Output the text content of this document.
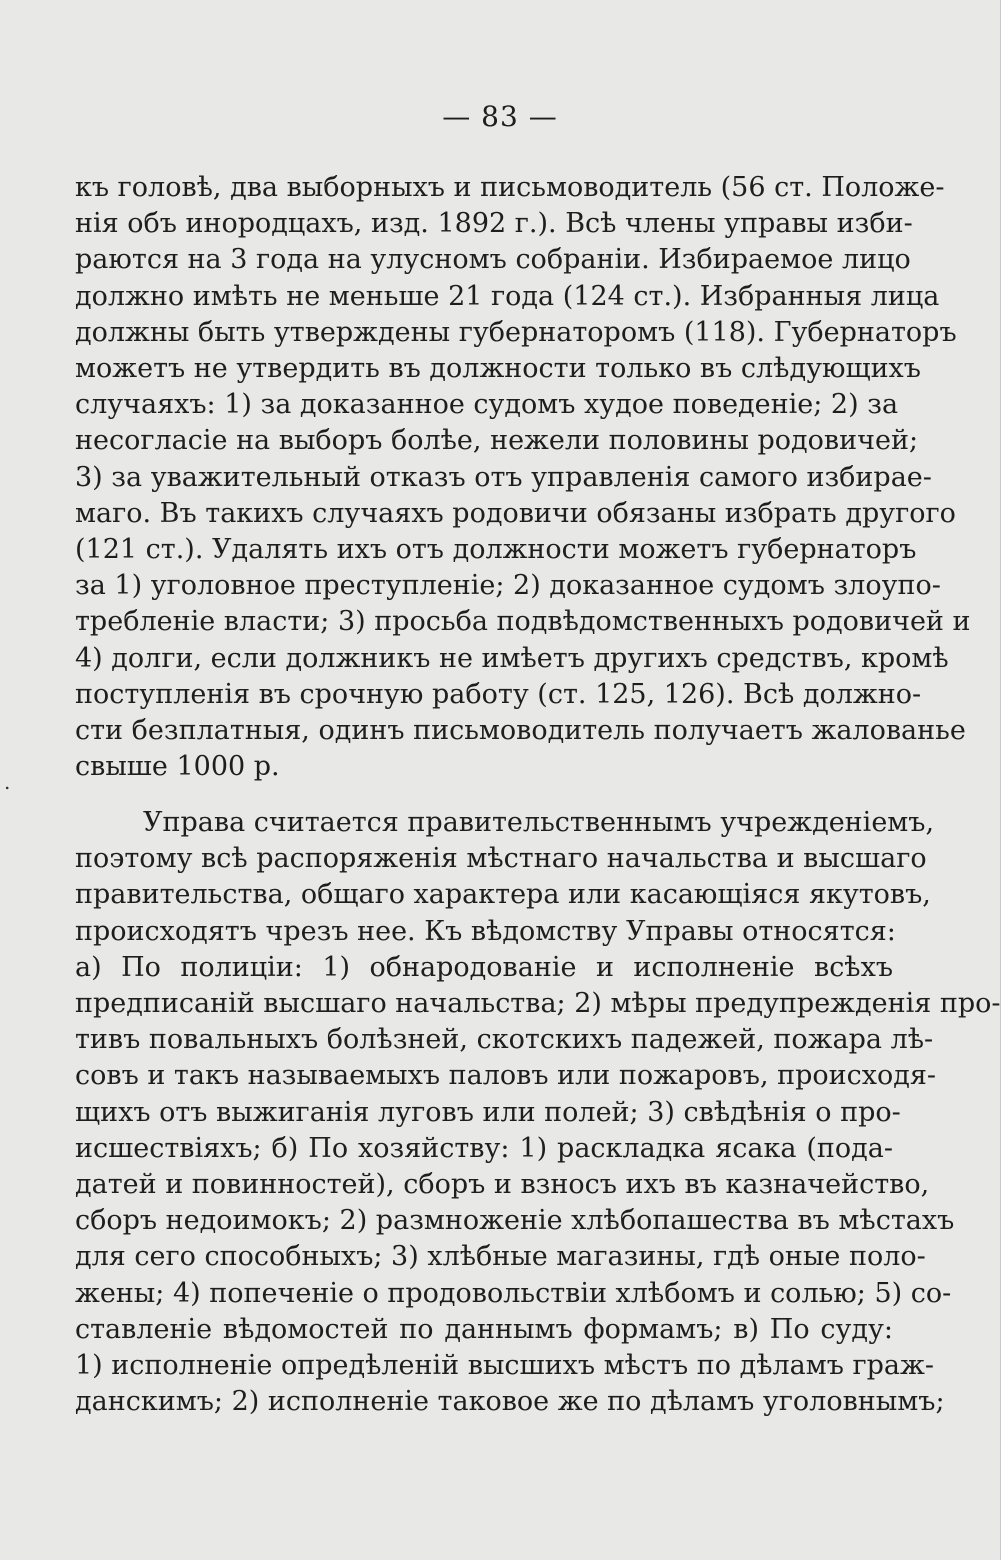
— 83 —
.
къ головѣ, два выборныхъ и письмоводитель (56 ст. Положе-
нія объ инородцахъ, изд. 1892 г.). Всѣ члены управы изби-
раются на 3 года на улусномъ собраніи. Избираемое лицо
должно имѣть не меньше 21 года (124 ст.). Избранныя лица
должны быть утверждены губернаторомъ (118). Губернаторъ
можетъ не утвердить въ должности только въ слѣдующихъ
случаяхъ: 1) за доказанное судомъ худое поведеніе; 2) за
несогласіе на выборъ болѣе, нежели половины родовичей;
3) за уважительный отказъ отъ управленія самого избирае-
маго. Въ такихъ случаяхъ родовичи обязаны избрать другого
(121 ст.). Удалять ихъ отъ должности можетъ губернаторъ
за 1) уголовное преступленіе; 2) доказанное судомъ злоупо-
требленіе власти; 3) просьба подвѣдомственныхъ родовичей и
4) долги, если должникъ не имѣетъ другихъ средствъ, кромѣ
поступленія въ срочную работу (ст. 125, 126). Всѣ должно-
сти безплатныя, одинъ письмоводитель получаетъ жалованье
свыше 1000 р.
Управа считается правительственнымъ учрежденіемъ,
поэтому всѣ распоряженія мѣстнаго начальства и высшаго
правительства, общаго характера или касающіяся якутовъ,
происходятъ чрезъ нее. Къ вѣдомству Управы относятся:
а) По полиціи: 1) обнародованіе и исполненіе всѣхъ
предписаній высшаго начальства; 2) мѣры предупрежденія про-
тивъ повальныхъ болѣзней, скотскихъ падежей, пожара лѣ-
совъ и такъ называемыхъ паловъ или пожаровъ, происходя-
щихъ отъ выжиганія луговъ или полей; 3) свѣдѣнія о про-
исшествіяхъ; б) По хозяйству: 1) раскладка ясака (пода-
датей и повинностей), сборъ и взносъ ихъ въ казначейство,
сборъ недоимокъ; 2) размноженіе хлѣбопашества въ мѣстахъ
для сего способныхъ; 3) хлѣбные магазины, гдѣ оные поло-
жены; 4) попеченіе о продовольствіи хлѣбомъ и солью; 5) со-
ставленіе вѣдомостей по даннымъ формамъ; в) По суду:
1) исполненіе опредѣленій высшихъ мѣстъ по дѣламъ граж-
данскимъ; 2) исполненіе таковое же по дѣламъ уголовнымъ;
